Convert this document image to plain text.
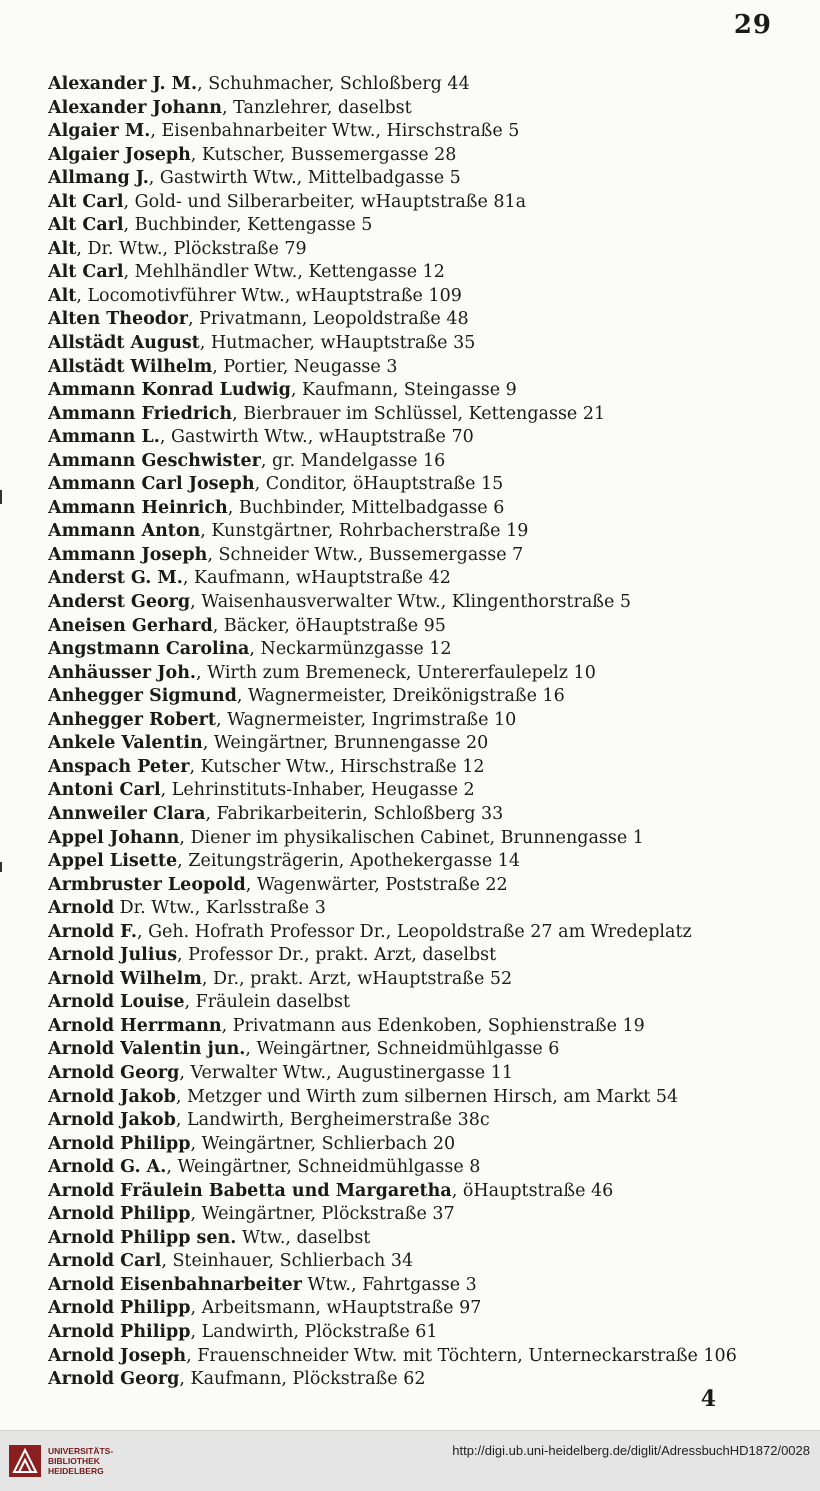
29
Alexander J. M., Schuhmacher, Schloßberg 44
Alexander Johann, Tanzlehrer, daselbst
Algaier M., Eisenbahnarbeiter Wtw., Hirschstraße 5
Algaier Joseph, Kutscher, Bussemergasse 28
Allmang J., Gastwirth Wtw., Mittelbadgasse 5
Alt Carl, Gold- und Silberarbeiter, wHauptstraße 81a
Alt Carl, Buchbinder, Kettengasse 5
Alt, Dr. Wtw., Plöckstraße 79
Alt Carl, Mehlhändler Wtw., Kettengasse 12
Alt, Locomotivführer Wtw., wHauptstraße 109
Alten Theodor, Privatmann, Leopoldstraße 48
Allstädt August, Hutmacher, wHauptstraße 35
Allstädt Wilhelm, Portier, Neugasse 3
Ammann Konrad Ludwig, Kaufmann, Steingasse 9
Ammann Friedrich, Bierbrauer im Schlüssel, Kettengasse 21
Ammann L., Gastwirth Wtw., wHauptstraße 70
Ammann Geschwister, gr. Mandelgasse 16
Ammann Carl Joseph, Conditor, öHauptstraße 15
Ammann Heinrich, Buchbinder, Mittelbadgasse 6
Ammann Anton, Kunstgärtner, Rohrbacherstraße 19
Ammann Joseph, Schneider Wtw., Bussemergasse 7
Anderst G. M., Kaufmann, wHauptstraße 42
Anderst Georg, Waisenhausverwalter Wtw., Klingenthorstraße 5
Aneisen Gerhard, Bäcker, öHauptstraße 95
Angstmann Carolina, Neckarmünzgasse 12
Anhäusser Joh., Wirth zum Bremeneck, Untererfaulepelz 10
Anhegger Sigmund, Wagnermeister, Dreikönigstraße 16
Anhegger Robert, Wagnermeister, Ingrimstraße 10
Ankele Valentin, Weingärtner, Brunnengasse 20
Anspach Peter, Kutscher Wtw., Hirschstraße 12
Antoni Carl, Lehrinstituts-Inhaber, Heugasse 2
Annweiler Clara, Fabrikarbeiterin, Schloßberg 33
Appel Johann, Diener im physikalischen Cabinet, Brunnengasse 1
Appel Lisette, Zeitungsträgerin, Apothekergasse 14
Armbruster Leopold, Wagenwärter, Poststraße 22
Arnold Dr. Wtw., Karlsstraße 3
Arnold F., Geh. Hofrath Professor Dr., Leopoldstraße 27 am Wredeplatz
Arnold Julius, Professor Dr., prakt. Arzt, daselbst
Arnold Wilhelm, Dr., prakt. Arzt, wHauptstraße 52
Arnold Louise, Fräulein daselbst
Arnold Herrmann, Privatmann aus Edenkoben, Sophienstraße 19
Arnold Valentin jun., Weingärtner, Schneidmühlgasse 6
Arnold Georg, Verwalter Wtw., Augustinergasse 11
Arnold Jakob, Metzger und Wirth zum silbernen Hirsch, am Markt 54
Arnold Jakob, Landwirth, Bergheimerstraße 38c
Arnold Philipp, Weingärtner, Schlierbach 20
Arnold G. A., Weingärtner, Schneidmühlgasse 8
Arnold Fräulein Babetta und Margaretha, öHauptstraße 46
Arnold Philipp, Weingärtner, Plöckstraße 37
Arnold Philipp sen. Wtw., daselbst
Arnold Carl, Steinhauer, Schlierbach 34
Arnold Eisenbahnarbeiter Wtw., Fahrtgasse 3
Arnold Philipp, Arbeitsmann, wHauptstraße 97
Arnold Philipp, Landwirth, Plöckstraße 61
Arnold Joseph, Frauenschneider Wtw. mit Töchtern, Unterneckarstraße 106
Arnold Georg, Kaufmann, Plöckstraße 62
4
UNIVERSITÄTS-
BIBLIOTHEK
HEIDELBERG
http://digi.ub.uni-heidelberg.de/diglit/AdressbuchHD1872/0028
